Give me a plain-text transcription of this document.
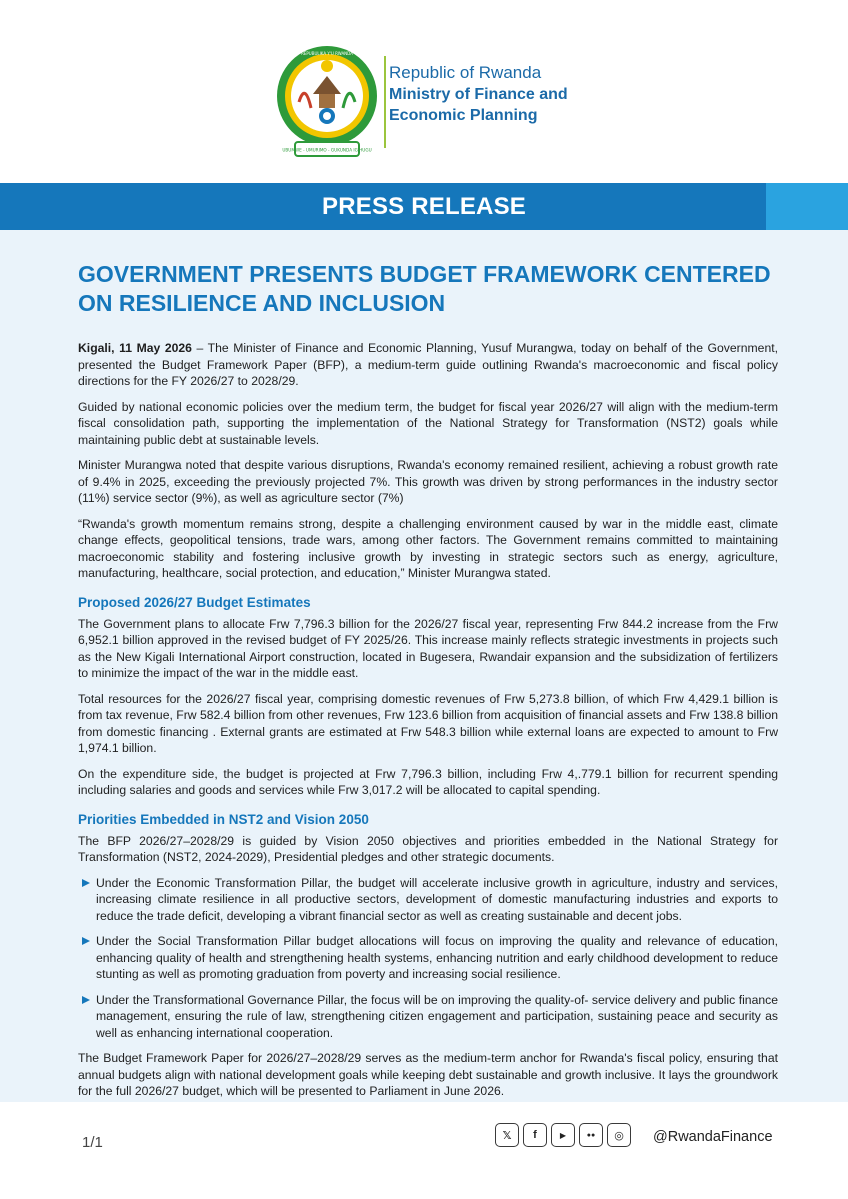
UBUMWE - UMURIMO - GUKUNDA IGIHUGU
REPUBULIKA Y'U RWANDA
Republic of Rwanda
Ministry of Finance and
Economic Planning
PRESS RELEASE
GOVERNMENT PRESENTS BUDGET FRAMEWORK CENTERED ON RESILIENCE AND INCLUSION

Kigali, 11 May 2026 – The Minister of Finance and Economic Planning, Yusuf Murangwa, today on behalf of the Government, presented the Budget Framework Paper (BFP), a medium-term guide outlining Rwanda's macroeconomic and fiscal policy directions for the FY 2026/27 to 2028/29.

Guided by national economic policies over the medium term, the budget for fiscal year 2026/27 will align with the medium-term fiscal consolidation path, supporting the implementation of the National Strategy for Transformation (NST2) goals while maintaining public debt at sustainable levels.

Minister Murangwa noted that despite various disruptions, Rwanda's economy remained resilient, achieving a robust growth rate of 9.4% in 2025, exceeding the previously projected 7%. This growth was driven by strong performances in the industry sector (11%) service sector (9%), as well as agriculture sector (7%)

“Rwanda's growth momentum remains strong, despite a challenging environment caused by war in the middle east, climate change effects, geopolitical tensions, trade wars, among other factors. The Government remains committed to maintaining macroeconomic stability and fostering inclusive growth by investing in strategic sectors such as energy, agriculture, manufacturing, healthcare, social protection, and education,” Minister Murangwa stated.

Proposed 2026/27 Budget Estimates

The Government plans to allocate Frw 7,796.3 billion for the 2026/27 fiscal year, representing Frw 844.2 increase from the Frw 6,952.1 billion approved in the revised budget of FY 2025/26. This increase mainly reflects strategic investments in projects such as the New Kigali International Airport construction, located in Bugesera, Rwandair expansion and the subsidization of fertilizers to minimize the impact of the war in the middle east.

Total resources for the 2026/27 fiscal year, comprising domestic revenues of Frw 5,273.8 billion, of which Frw 4,429.1 billion is from tax revenue, Frw 582.4 billion from other revenues, Frw 123.6 billion from acquisition of financial assets and Frw 138.8 billion from domestic financing . External grants are estimated at Frw 548.3 billion while external loans are expected to amount to Frw 1,974.1 billion.

On the expenditure side, the budget is projected at Frw 7,796.3 billion, including Frw 4,.779.1 billion for recurrent spending including salaries and goods and services while Frw 3,017.2 will be allocated to capital spending.

Priorities Embedded in NST2 and Vision 2050

The BFP 2026/27–2028/29 is guided by Vision 2050 objectives and priorities embedded in the National Strategy for Transformation (NST2, 2024-2029), Presidential pledges and other strategic documents.

Under the Economic Transformation Pillar, the budget will accelerate inclusive growth in agriculture, industry and services, increasing climate resilience in all productive sectors, development of domestic manufacturing industries and exports to reduce the trade deficit, developing a vibrant financial sector as well as creating sustainable and decent jobs.
Under the Social Transformation Pillar budget allocations will focus on improving the quality and relevance of education, enhancing quality of health and strengthening health systems, enhancing nutrition and early childhood development to reduce stunting as well as promoting graduation from poverty and increasing social resilience.
Under the Transformational Governance Pillar, the focus will be on improving the quality-of- service delivery and public finance management, ensuring the rule of law, strengthening citizen engagement and participation, sustaining peace and security as well as enhancing international cooperation.

The Budget Framework Paper for 2026/27–2028/29 serves as the medium-term anchor for Rwanda's fiscal policy, ensuring that annual budgets align with national development goals while keeping debt sustainable and growth inclusive. It lays the groundwork for the full 2026/27 budget, which will be presented to Parliament in June 2026.

1/1	𝕏	f	▶	●●	◎	@RwandaFinance
